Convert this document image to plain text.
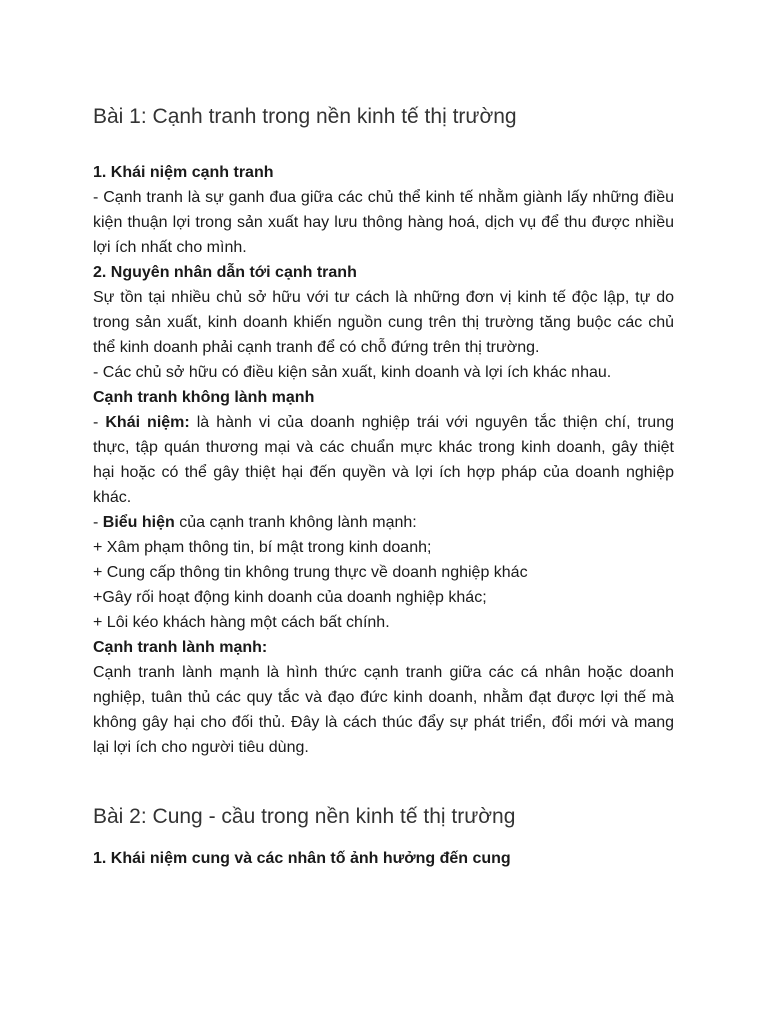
Bài 1: Cạnh tranh trong nền kinh tế thị trường
1. Khái niệm cạnh tranh

- Cạnh tranh là sự ganh đua giữa các chủ thể kinh tế nhằm giành lấy những điều kiện thuận lợi trong sản xuất hay lưu thông hàng hoá, dịch vụ để thu được nhiều lợi ích nhất cho mình.

2. Nguyên nhân dẫn tới cạnh tranh

Sự tồn tại nhiều chủ sở hữu với tư cách là những đơn vị kinh tế độc lập, tự do trong sản xuất, kinh doanh khiến nguồn cung trên thị trường tăng buộc các chủ thể kinh doanh phải cạnh tranh để có chỗ đứng trên thị trường.

- Các chủ sở hữu có điều kiện sản xuất, kinh doanh và lợi ích khác nhau.

Cạnh tranh không lành mạnh

- Khái niệm: là hành vi của doanh nghiệp trái với nguyên tắc thiện chí, trung thực, tập quán thương mại và các chuẩn mực khác trong kinh doanh, gây thiệt hại hoặc có thể gây thiệt hại đến quyền và lợi ích hợp pháp của doanh nghiệp khác.

- Biểu hiện của cạnh tranh không lành mạnh:

+ Xâm phạm thông tin, bí mật trong kinh doanh;

+ Cung cấp thông tin không trung thực về doanh nghiệp khác

+Gây rối hoạt động kinh doanh của doanh nghiệp khác;

+ Lôi kéo khách hàng một cách bất chính.

Cạnh tranh lành mạnh:

Cạnh tranh lành mạnh là hình thức cạnh tranh giữa các cá nhân hoặc doanh nghiệp, tuân thủ các quy tắc và đạo đức kinh doanh, nhằm đạt được lợi thế mà không gây hại cho đối thủ. Đây là cách thúc đẩy sự phát triển, đổi mới và mang lại lợi ích cho người tiêu dùng.

Bài 2: Cung - cầu trong nền kinh tế thị trường
1. Khái niệm cung và các nhân tố ảnh hưởng đến cung
